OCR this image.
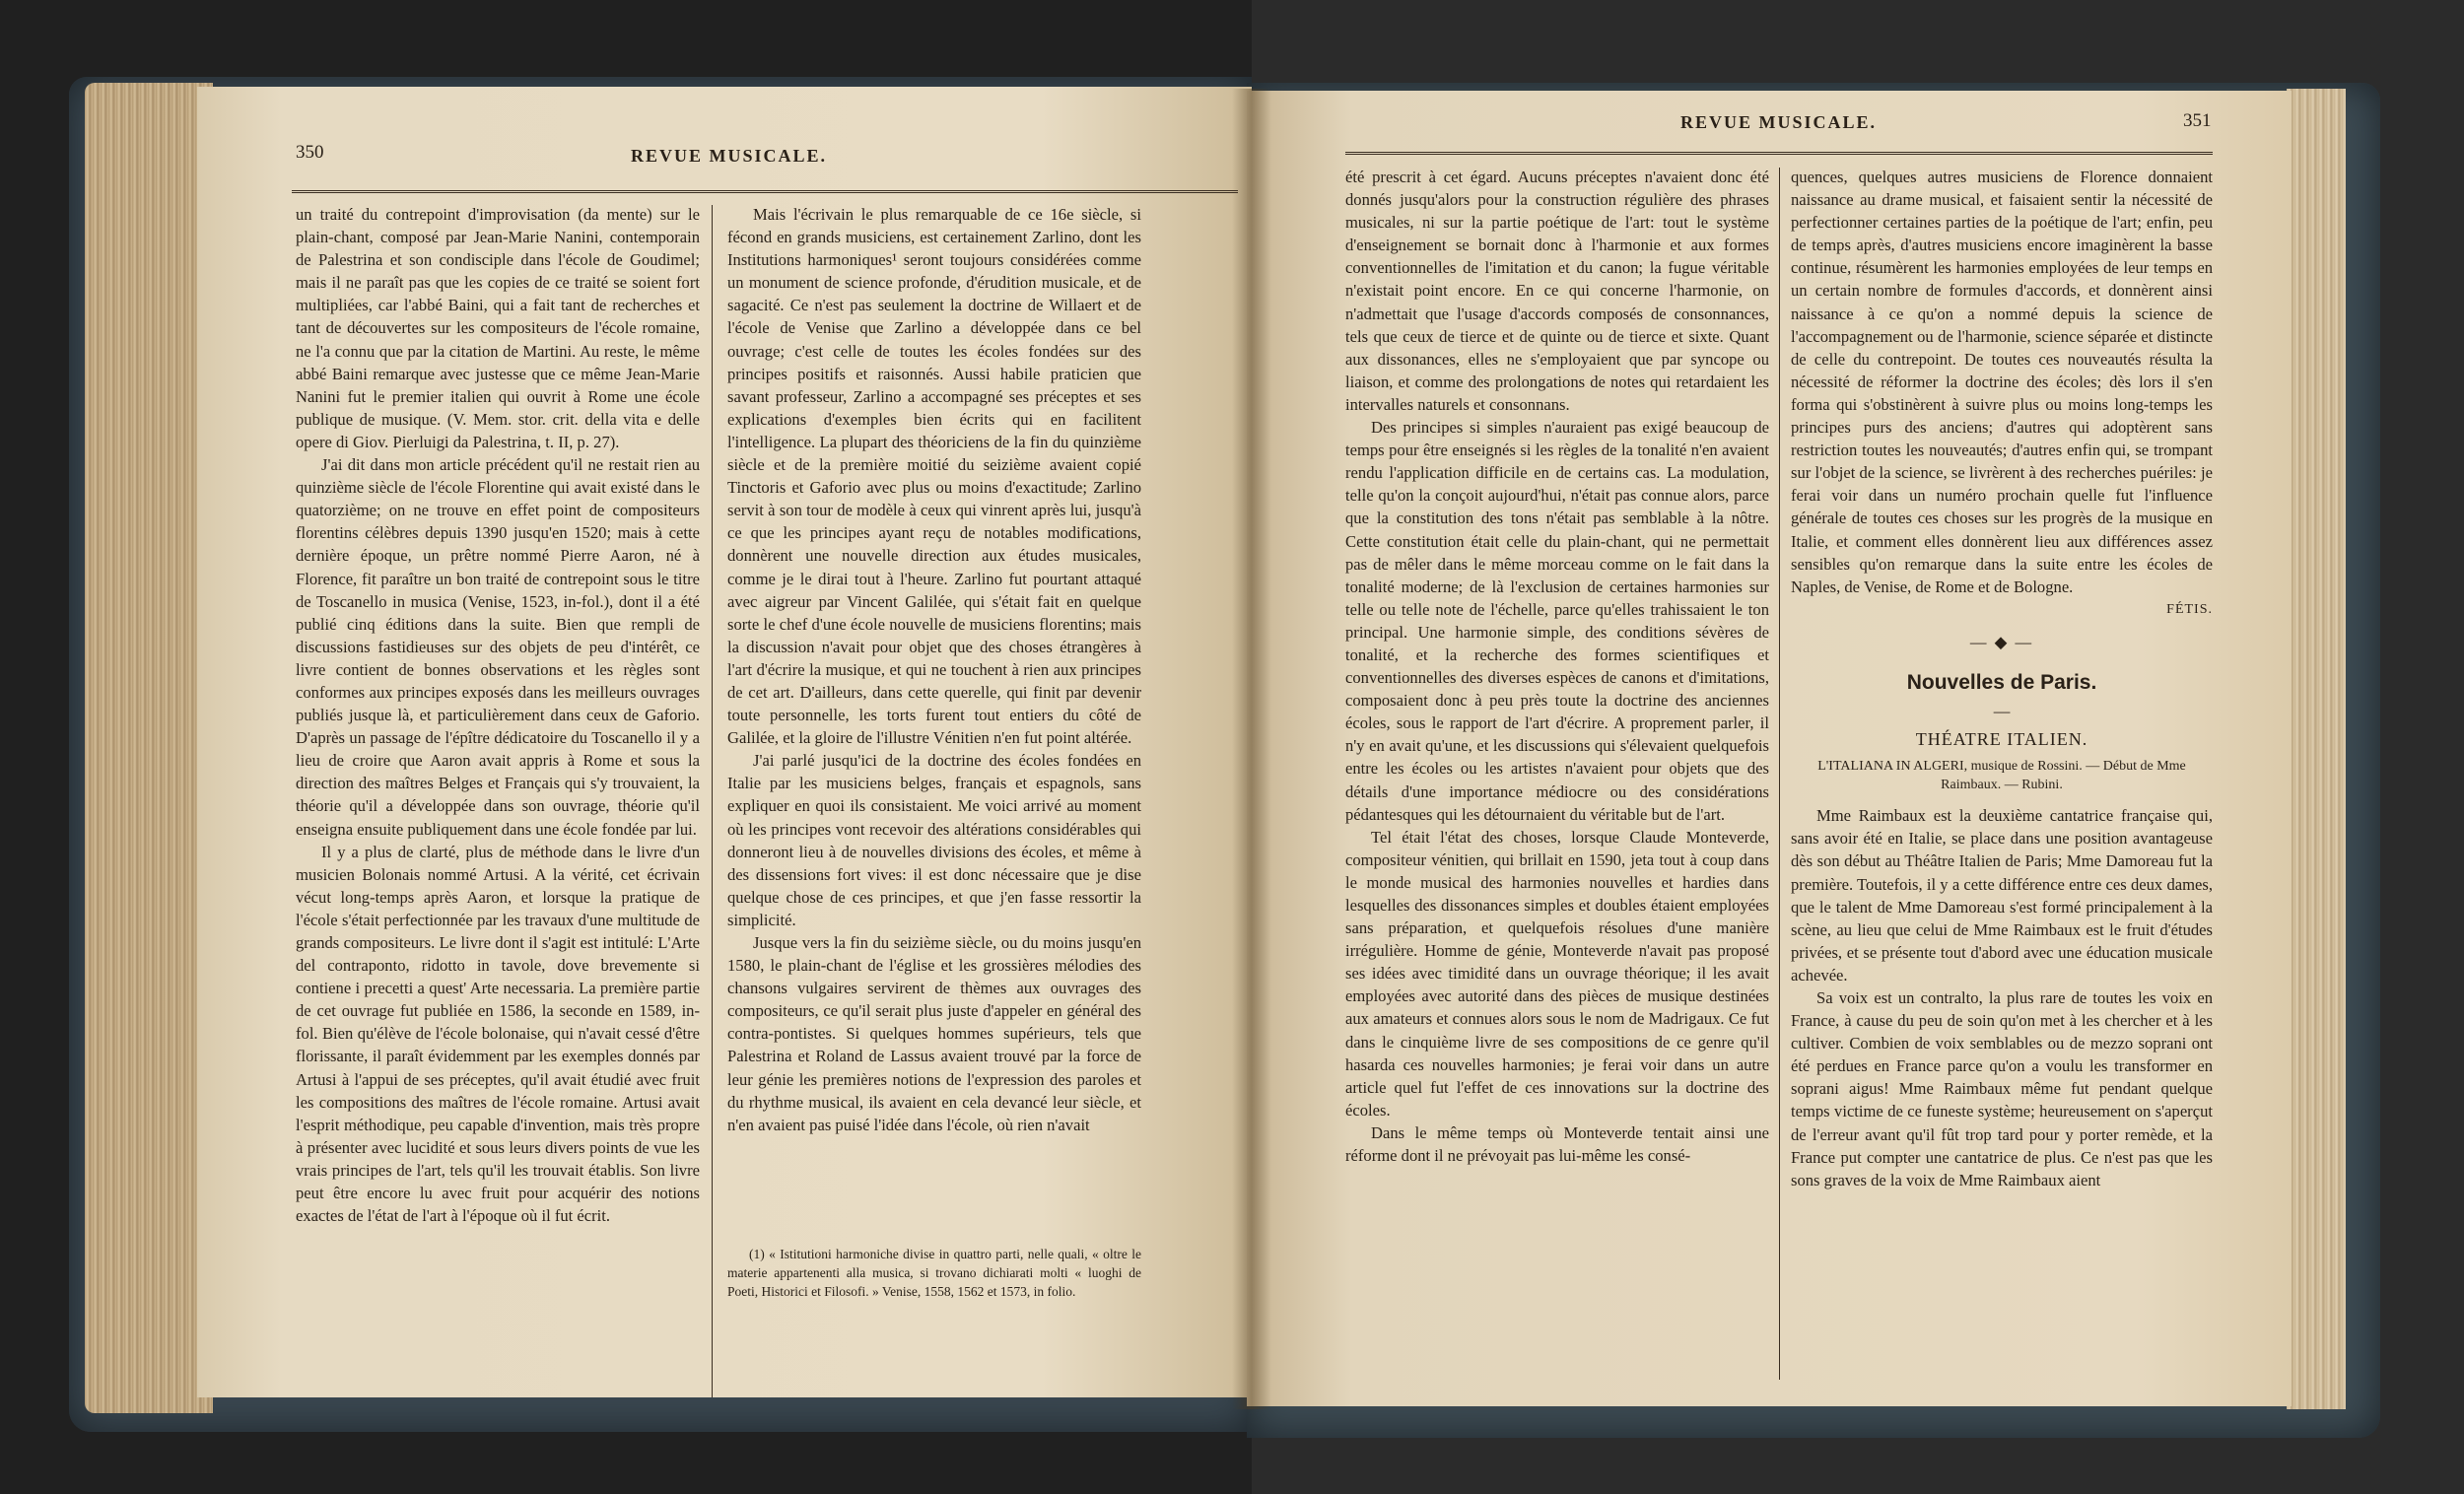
350	REVUE MUSICALE.

un traité du contrepoint d'improvisation (da mente) sur le plain-chant, composé par Jean-Marie Nanini, contemporain de Palestrina et son condisciple dans l'école de Goudimel; mais il ne paraît pas que les copies de ce traité se soient fort multipliées, car l'abbé Baini, qui a fait tant de recherches et tant de découvertes sur les compositeurs de l'école romaine, ne l'a connu que par la citation de Martini. Au reste, le même abbé Baini remarque avec justesse que ce même Jean-Marie Nanini fut le premier italien qui ouvrit à Rome une école publique de musique. (V. Mem. stor. crit. della vita e delle opere di Giov. Pierluigi da Palestrina, t. II, p. 27).

J'ai dit dans mon article précédent qu'il ne restait rien au quinzième siècle de l'école Florentine qui avait existé dans le quatorzième; on ne trouve en effet point de compositeurs florentins célèbres depuis 1390 jusqu'en 1520; mais à cette dernière époque, un prêtre nommé Pierre Aaron, né à Florence, fit paraître un bon traité de contrepoint sous le titre de Toscanello in musica (Venise, 1523, in-fol.), dont il a été publié cinq éditions dans la suite. Bien que rempli de discussions fastidieuses sur des objets de peu d'intérêt, ce livre contient de bonnes observations et les règles sont conformes aux principes exposés dans les meilleurs ouvrages publiés jusque là, et particulièrement dans ceux de Gaforio. D'après un passage de l'épître dédicatoire du Toscanello il y a lieu de croire que Aaron avait appris à Rome et sous la direction des maîtres Belges et Français qui s'y trouvaient, la théorie qu'il a développée dans son ouvrage, théorie qu'il enseigna ensuite publiquement dans une école fondée par lui.

Il y a plus de clarté, plus de méthode dans le livre d'un musicien Bolonais nommé Artusi. A la vérité, cet écrivain vécut long-temps après Aaron, et lorsque la pratique de l'école s'était perfectionnée par les travaux d'une multitude de grands compositeurs. Le livre dont il s'agit est intitulé: L'Arte del contraponto, ridotto in tavole, dove brevemente si contiene i precetti a quest' Arte necessaria. La première partie de cet ouvrage fut publiée en 1586, la seconde en 1589, in-fol. Bien qu'élève de l'école bolonaise, qui n'avait cessé d'être florissante, il paraît évidemment par les exemples donnés par Artusi à l'appui de ses préceptes, qu'il avait étudié avec fruit les compositions des maîtres de l'école romaine. Artusi avait l'esprit méthodique, peu capable d'invention, mais très propre à présenter avec lucidité et sous leurs divers points de vue les vrais principes de l'art, tels qu'il les trouvait établis. Son livre peut être encore lu avec fruit pour acquérir des notions exactes de l'état de l'art à l'époque où il fut écrit.

Mais l'écrivain le plus remarquable de ce 16e siècle, si fécond en grands musiciens, est certainement Zarlino, dont les Institutions harmoniques¹ seront toujours considérées comme un monument de science profonde, d'érudition musicale, et de sagacité. Ce n'est pas seulement la doctrine de Willaert et de l'école de Venise que Zarlino a développée dans ce bel ouvrage; c'est celle de toutes les écoles fondées sur des principes positifs et raisonnés. Aussi habile praticien que savant professeur, Zarlino a accompagné ses préceptes et ses explications d'exemples bien écrits qui en facilitent l'intelligence. La plupart des théoriciens de la fin du quinzième siècle et de la première moitié du seizième avaient copié Tinctoris et Gaforio avec plus ou moins d'exactitude; Zarlino servit à son tour de modèle à ceux qui vinrent après lui, jusqu'à ce que les principes ayant reçu de notables modifications, donnèrent une nouvelle direction aux études musicales, comme je le dirai tout à l'heure. Zarlino fut pourtant attaqué avec aigreur par Vincent Galilée, qui s'était fait en quelque sorte le chef d'une école nouvelle de musiciens florentins; mais la discussion n'avait pour objet que des choses étrangères à l'art d'écrire la musique, et qui ne touchent à rien aux principes de cet art. D'ailleurs, dans cette querelle, qui finit par devenir toute personnelle, les torts furent tout entiers du côté de Galilée, et la gloire de l'illustre Vénitien n'en fut point altérée.

J'ai parlé jusqu'ici de la doctrine des écoles fondées en Italie par les musiciens belges, français et espagnols, sans expliquer en quoi ils consistaient. Me voici arrivé au moment où les principes vont recevoir des altérations considérables qui donneront lieu à de nouvelles divisions des écoles, et même à des dissensions fort vives: il est donc nécessaire que je dise quelque chose de ces principes, et que j'en fasse ressortir la simplicité.

Jusque vers la fin du seizième siècle, ou du moins jusqu'en 1580, le plain-chant de l'église et les grossières mélodies des chansons vulgaires servirent de thèmes aux ouvrages des compositeurs, ce qu'il serait plus juste d'appeler en général des contra-pontistes. Si quelques hommes supérieurs, tels que Palestrina et Roland de Lassus avaient trouvé par la force de leur génie les premières notions de l'expression des paroles et du rhythme musical, ils avaient en cela devancé leur siècle, et n'en avaient pas puisé l'idée dans l'école, où rien n'avait

(1) « Istitutioni harmoniche divise in quattro parti, nelle quali, « oltre le materie appartenenti alla musica, si trovano dichiarati molti « luoghi de Poeti, Historici et Filosofi. » Venise, 1558, 1562 et 1573, in folio.

REVUE MUSICALE.	351

été prescrit à cet égard. Aucuns préceptes n'avaient donc été donnés jusqu'alors pour la construction régulière des phrases musicales, ni sur la partie poétique de l'art: tout le système d'enseignement se bornait donc à l'harmonie et aux formes conventionnelles de l'imitation et du canon; la fugue véritable n'existait point encore. En ce qui concerne l'harmonie, on n'admettait que l'usage d'accords composés de consonnances, tels que ceux de tierce et de quinte ou de tierce et sixte. Quant aux dissonances, elles ne s'employaient que par syncope ou liaison, et comme des prolongations de notes qui retardaient les intervalles naturels et consonnans.

Des principes si simples n'auraient pas exigé beaucoup de temps pour être enseignés si les règles de la tonalité n'en avaient rendu l'application difficile en de certains cas. La modulation, telle qu'on la conçoit aujourd'hui, n'était pas connue alors, parce que la constitution des tons n'était pas semblable à la nôtre. Cette constitution était celle du plain-chant, qui ne permettait pas de mêler dans le même morceau comme on le fait dans la tonalité moderne; de là l'exclusion de certaines harmonies sur telle ou telle note de l'échelle, parce qu'elles trahissaient le ton principal. Une harmonie simple, des conditions sévères de tonalité, et la recherche des formes scientifiques et conventionnelles des diverses espèces de canons et d'imitations, composaient donc à peu près toute la doctrine des anciennes écoles, sous le rapport de l'art d'écrire. A proprement parler, il n'y en avait qu'une, et les discussions qui s'élevaient quelquefois entre les écoles ou les artistes n'avaient pour objets que des détails d'une importance médiocre ou des considérations pédantesques qui les détournaient du véritable but de l'art.

Tel était l'état des choses, lorsque Claude Monteverde, compositeur vénitien, qui brillait en 1590, jeta tout à coup dans le monde musical des harmonies nouvelles et hardies dans lesquelles des dissonances simples et doubles étaient employées sans préparation, et quelquefois résolues d'une manière irrégulière. Homme de génie, Monteverde n'avait pas proposé ses idées avec timidité dans un ouvrage théorique; il les avait employées avec autorité dans des pièces de musique destinées aux amateurs et connues alors sous le nom de Madrigaux. Ce fut dans le cinquième livre de ses compositions de ce genre qu'il hasarda ces nouvelles harmonies; je ferai voir dans un autre article quel fut l'effet de ces innovations sur la doctrine des écoles.

Dans le même temps où Monteverde tentait ainsi une réforme dont il ne prévoyait pas lui-même les consé-

quences, quelques autres musiciens de Florence donnaient naissance au drame musical, et faisaient sentir la nécessité de perfectionner certaines parties de la poétique de l'art; enfin, peu de temps après, d'autres musiciens encore imaginèrent la basse continue, résumèrent les harmonies employées de leur temps en un certain nombre de formules d'accords, et donnèrent ainsi naissance à ce qu'on a nommé depuis la science de l'accompagnement ou de l'harmonie, science séparée et distincte de celle du contrepoint. De toutes ces nouveautés résulta la nécessité de réformer la doctrine des écoles; dès lors il s'en forma qui s'obstinèrent à suivre plus ou moins long-temps les principes purs des anciens; d'autres qui adoptèrent sans restriction toutes les nouveautés; d'autres enfin qui, se trompant sur l'objet de la science, se livrèrent à des recherches puériles: je ferai voir dans un numéro prochain quelle fut l'influence générale de toutes ces choses sur les progrès de la musique en Italie, et comment elles donnèrent lieu aux différences assez sensibles qu'on remarque dans la suite entre les écoles de Naples, de Venise, de Rome et de Bologne.

FÉTIS.

— ◆ —

Nouvelles de Paris.

—

THÉATRE ITALIEN.

L'ITALIANA IN ALGERI, musique de Rossini. — Début de Mme Raimbaux. — Rubini.

Mme Raimbaux est la deuxième cantatrice française qui, sans avoir été en Italie, se place dans une position avantageuse dès son début au Théâtre Italien de Paris; Mme Damoreau fut la première. Toutefois, il y a cette différence entre ces deux dames, que le talent de Mme Damoreau s'est formé principalement à la scène, au lieu que celui de Mme Raimbaux est le fruit d'études privées, et se présente tout d'abord avec une éducation musicale achevée.

Sa voix est un contralto, la plus rare de toutes les voix en France, à cause du peu de soin qu'on met à les chercher et à les cultiver. Combien de voix semblables ou de mezzo soprani ont été perdues en France parce qu'on a voulu les transformer en soprani aigus! Mme Raimbaux même fut pendant quelque temps victime de ce funeste système; heureusement on s'aperçut de l'erreur avant qu'il fût trop tard pour y porter remède, et la France put compter une cantatrice de plus. Ce n'est pas que les sons graves de la voix de Mme Raimbaux aient
